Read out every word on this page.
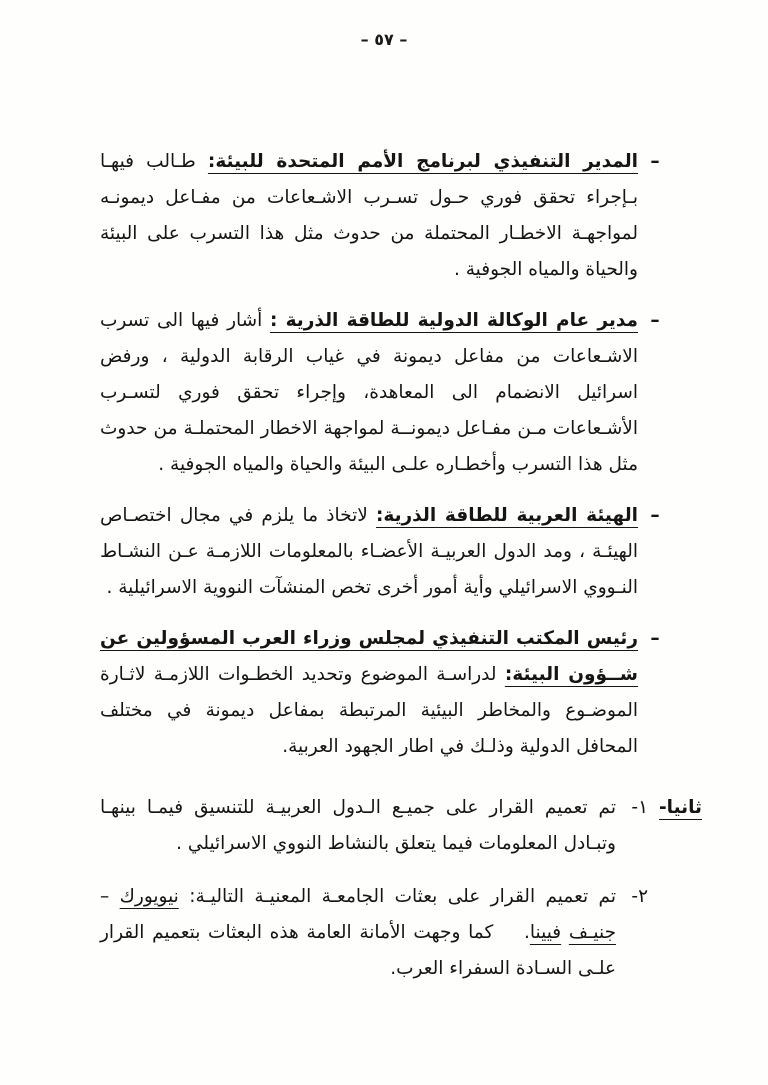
– ٥٧ –
–
المدير التنفيذي لبرنامج الأمم المتحدة للبيئة: طـالب فيهـا بـإجراء تحقق فوري حـول تسـرب الاشـعاعات من مفـاعل ديمونـه لمواجهـة الاخطـار المحتملة من حدوث مثل هذا التسرب على البيئة والحياة والمياه الجوفية .
–
مدير عام الوكالة الدولية للطاقة الذرية : أشار فيها الى تسرب الاشـعاعات من مفاعل ديمونة في غياب الرقابة الدولية ، ورفض اسرائيل الانضمام الى المعاهدة، وإجراء تحقق فوري لتسـرب الأشـعاعات مـن مفـاعل ديمونــة لمواجهة الاخطار المحتملـة من حدوث مثل هذا التسرب وأخطـاره علـى البيئة والحياة والمياه الجوفية .
–
الهيئة العربية للطاقة الذرية: لاتخاذ ما يلزم في مجال اختصـاص الهيئـة ، ومد الدول العربيـة الأعضـاء بالمعلومات اللازمـة عـن النشـاط النـووي الاسرائيلي وأية أمور أخرى تخص المنشآت النووية الاسرائيلية .
–
رئيس المكتب التنفيذي لمجلس وزراء العرب المسؤولين عن شــؤون البيئة: لدراسـة الموضوع وتحديد الخطـوات اللازمـة لاثـارة الموضـوع والمخاطر البيئية المرتبطة بمفاعل ديمونة في مختلف المحافل الدولية وذلـك في اطار الجهود العربية.
ثانيا-
١-
تم تعميم القرار على جميـع الـدول العربيـة للتنسيق فيمـا بينهـا وتبـادل المعلومات فيما يتعلق بالنشاط النووي الاسرائيلي .
٢-
تم تعميم القرار على بعثات الجامعـة المعنيـة التاليـة: نيويورك – جنيـف فيينا.    كما وجهت الأمانة العامة هذه البعثات بتعميم القرار علـى السـادة السفراء العرب.
